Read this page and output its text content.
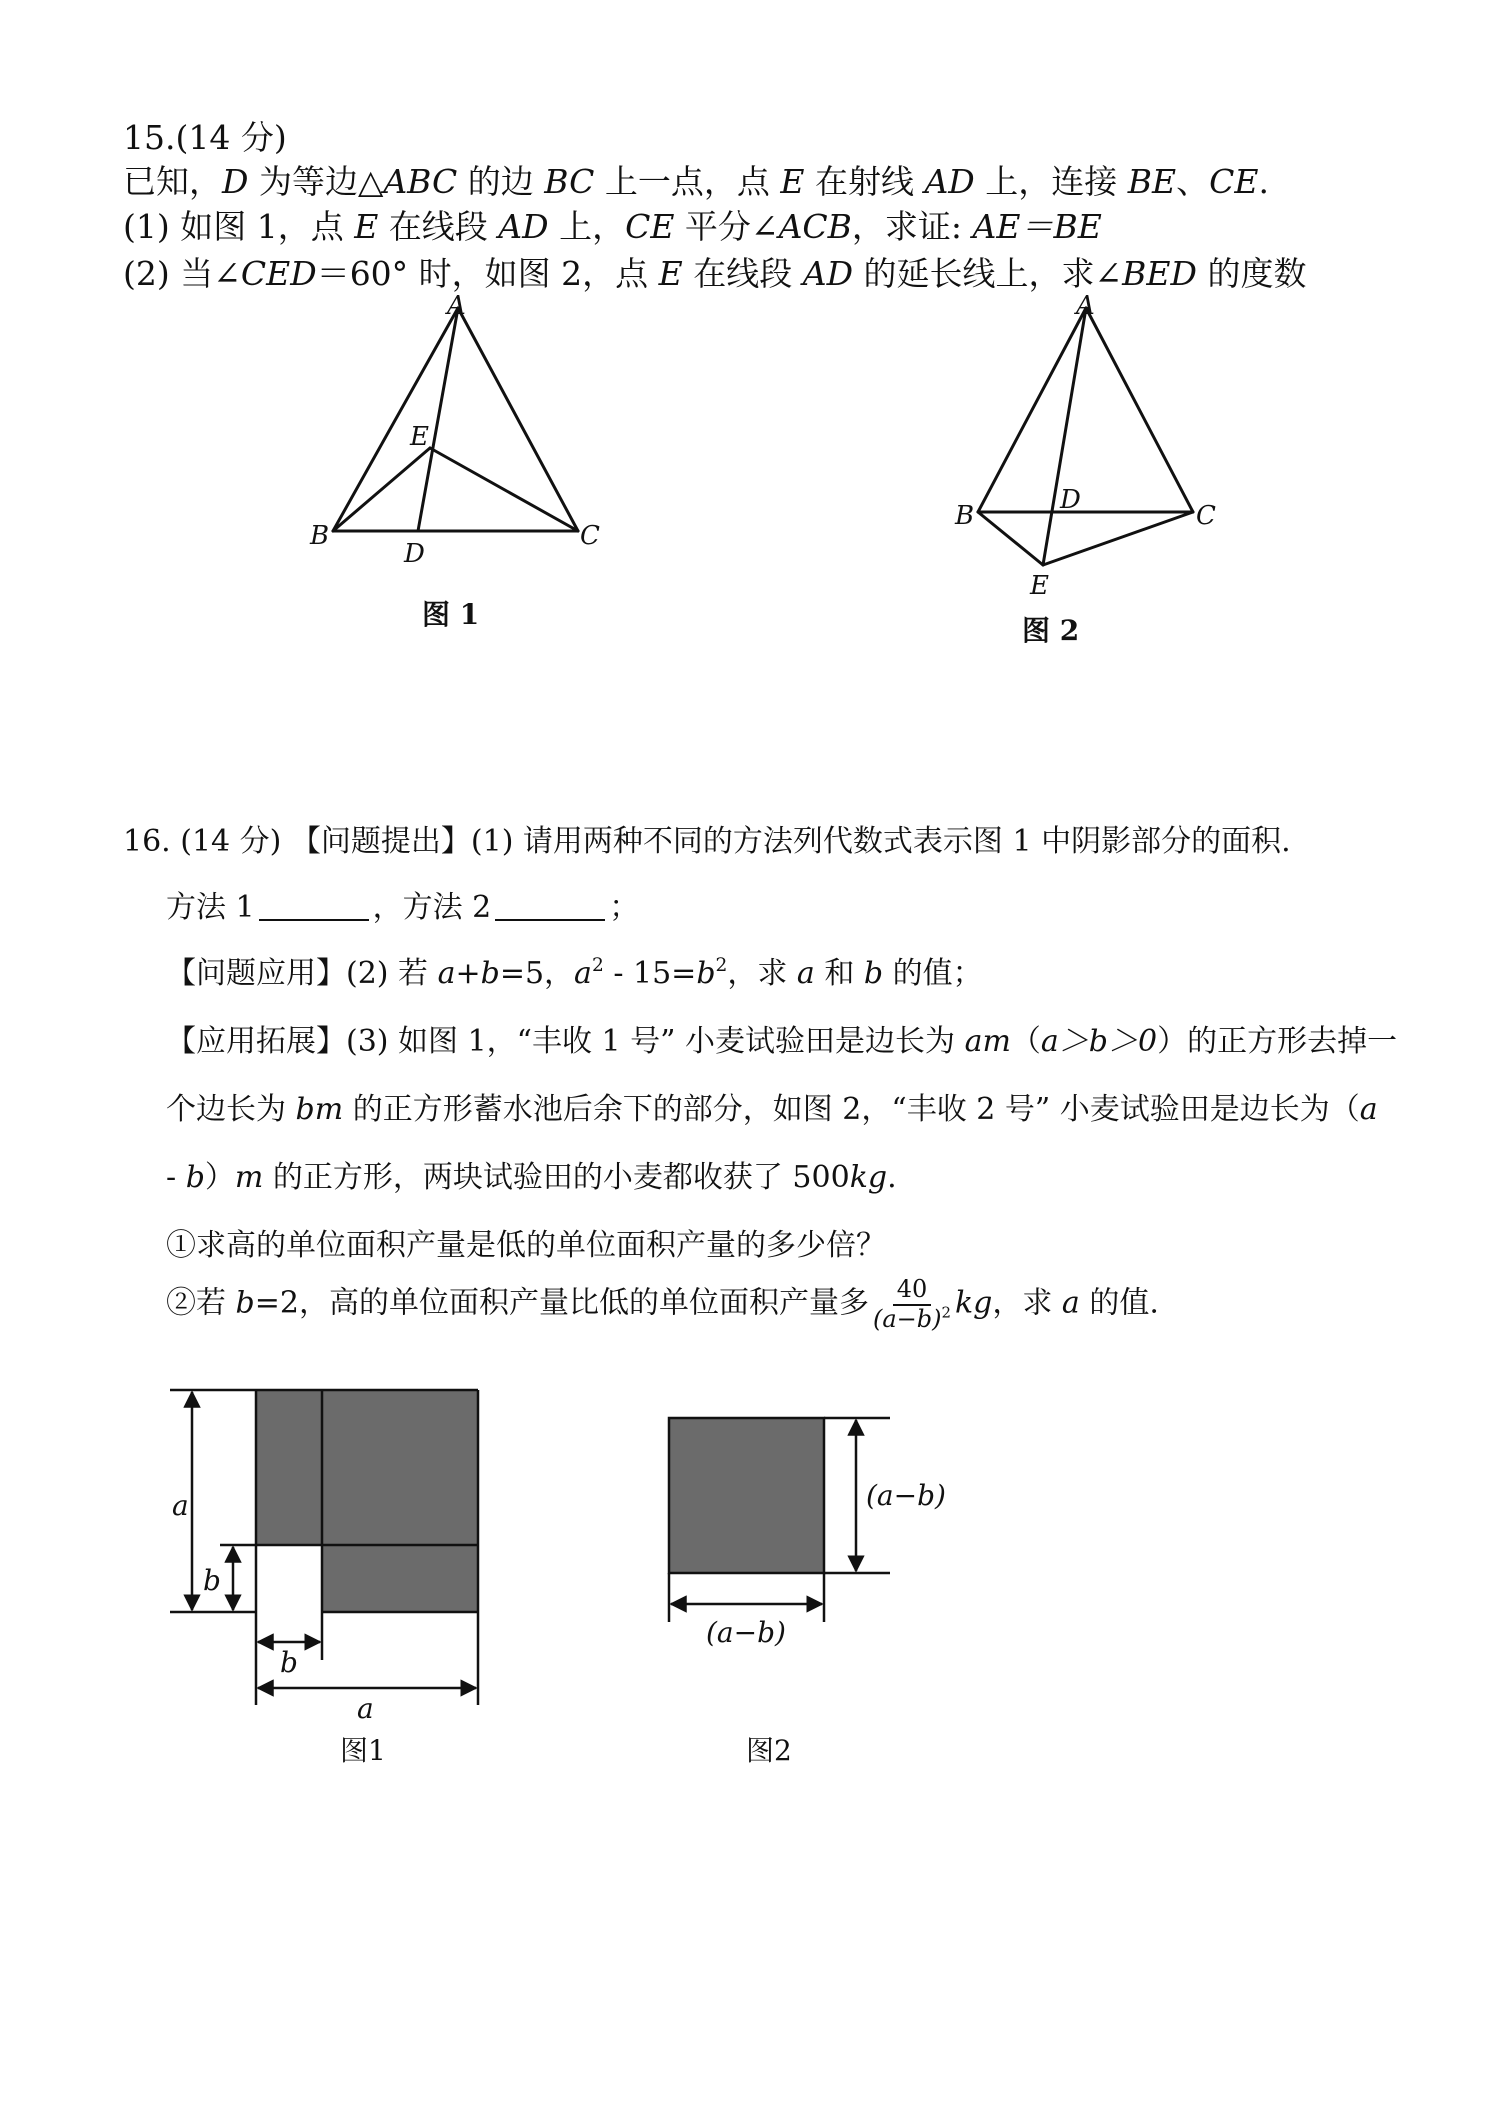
15.(14 分)
已知，D 为等边△ABC 的边 BC 上一点，点 E 在射线 AD 上，连接 BE、CE.
(1) 如图 1，点 E 在线段 AD 上，CE 平分∠ACB，求证: AE＝BE
(2) 当∠CED＝60° 时，如图 2，点 E 在线段 AD 的延长线上，求∠BED 的度数
A
B	C
D
E
图 1
A
B	C
D
E
图 2
16. (14 分) 【问题提出】(1) 请用两种不同的方法列代数式表示图 1 中阴影部分的面积.
方法 1	，方法 2	；
【问题应用】(2) 若 a+b=5，$a^2 - 15=b^2$，求 a 和 b 的值；
【应用拓展】(3) 如图 1，“丰收 1 号” 小麦试验田是边长为 am（a＞b＞0）的正方形去掉一
个边长为 bm 的正方形蓄水池后余下的部分，如图 2，“丰收 2 号” 小麦试验田是边长为（a
- b）m 的正方形，两块试验田的小麦都收获了 500kg.
①求高的单位面积产量是低的单位面积产量的多少倍？
②若 b=2，高的单位面积产量比低的单位面积产量多 $\frac{40}{(a-b)^2}$ kg，求 a 的值.
a
b
b
a
图1
(a−b)
(a−b)
图2
